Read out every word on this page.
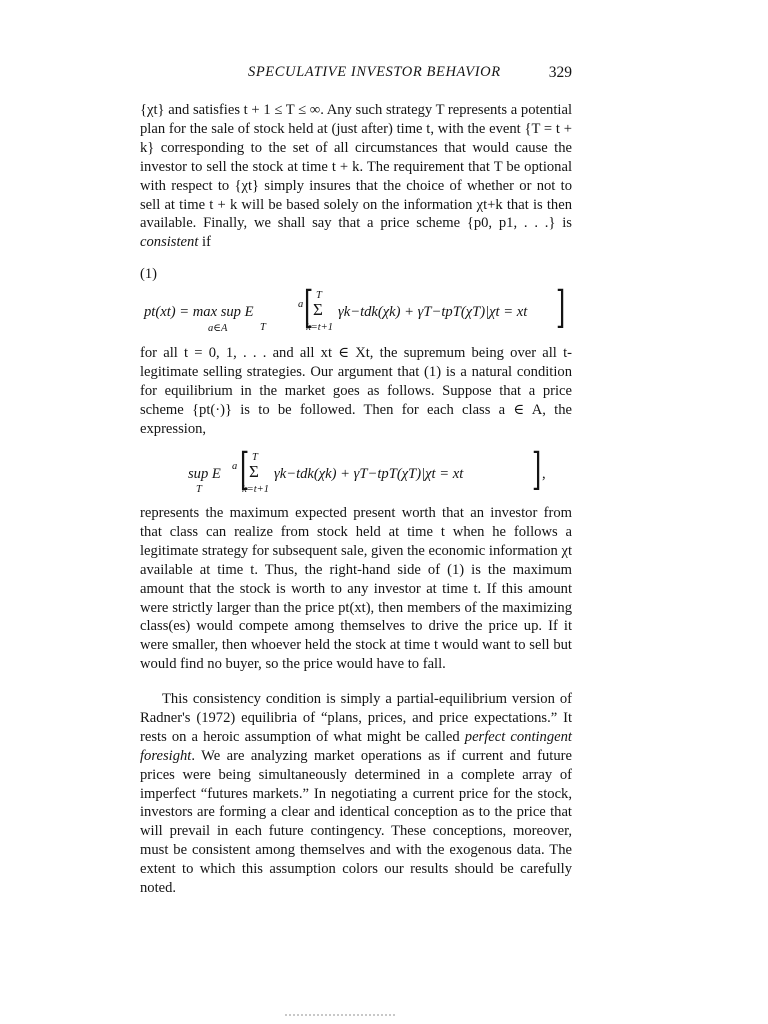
SPECULATIVE INVESTOR BEHAVIOR	329

{χt} and satisfies t + 1 ≤ T ≤ ∞. Any such strategy T represents a potential plan for the sale of stock held at (just after) time t, with the event {T = t + k} corresponding to the set of all circumstances that would cause the investor to sell the stock at time t + k. The requirement that T be optional with respect to {χt} simply insures that the choice of whether or not to sell at time t + k will be based solely on the information χt+k that is then available. Finally, we shall say that a price scheme {p0, p1, . . .} is consistent if

(1)
pt(xt) = max sup E	a
a∈A	T [ T
Σ
k=t+1
γk−tdk(χk) + γT−tpT(χT)|χt = xt ]

for all t = 0, 1, . . . and all xt ∈ Xt, the supremum being over all t-legitimate selling strategies. Our argument that (1) is a natural condition for equilibrium in the market goes as follows. Suppose that a price scheme {pt(·)} is to be followed. Then for each class a ∈ A, the expression,

sup E a
T [ T
Σ
k=t+1
γk−tdk(χk) + γT−tpT(χT)|χt = xt ] ,

represents the maximum expected present worth that an investor from that class can realize from stock held at time t when he follows a legitimate strategy for subsequent sale, given the economic information χt available at time t. Thus, the right-hand side of (1) is the maximum amount that the stock is worth to any investor at time t. If this amount were strictly larger than the price pt(xt), then members of the maximizing class(es) would compete among themselves to drive the price up. If it were smaller, then whoever held the stock at time t would want to sell but would find no buyer, so the price would have to fall.

This consistency condition is simply a partial-equilibrium version of Radner's (1972) equilibria of “plans, prices, and price expectations.” It rests on a heroic assumption of what might be called perfect contingent foresight. We are analyzing market operations as if current and future prices were being simultaneously determined in a complete array of imperfect “futures markets.” In negotiating a current price for the stock, investors are forming a clear and identical conception as to the price that will prevail in each future contingency. These conceptions, moreover, must be consistent among themselves and with the exogenous data. The extent to which this assumption colors our results should be carefully noted.
